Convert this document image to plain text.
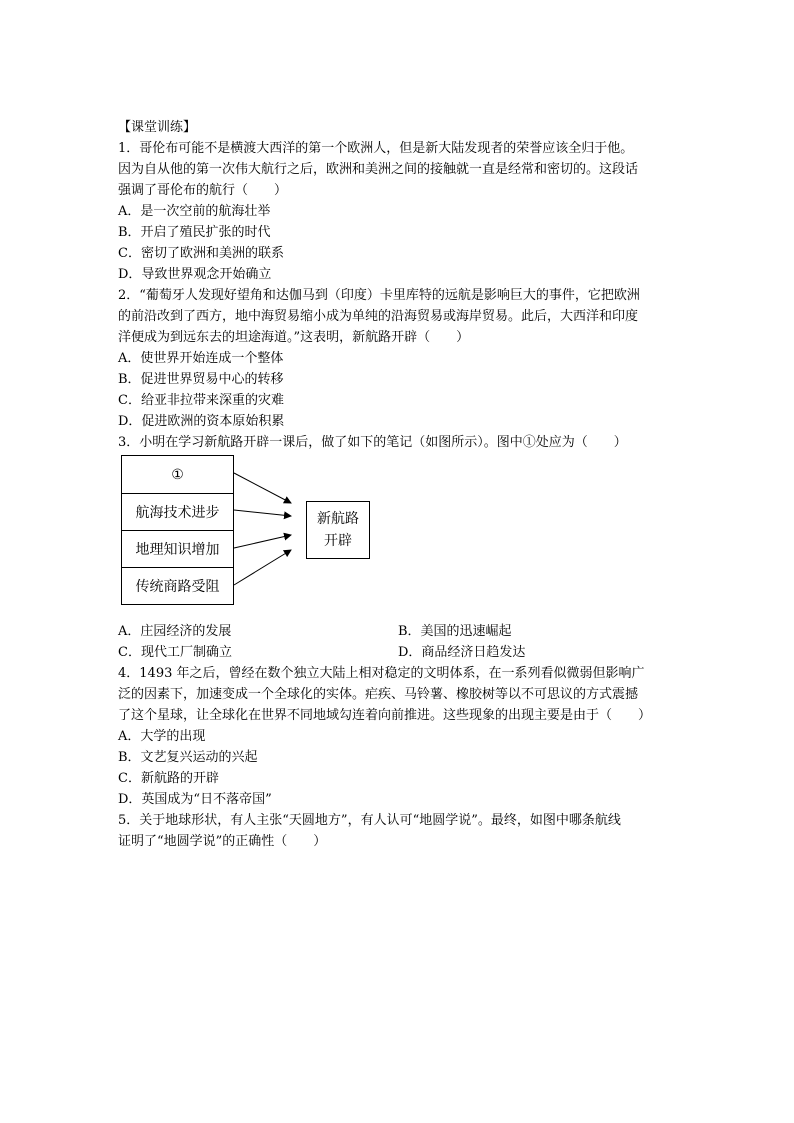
【课堂训练】
1．哥伦布可能不是横渡大西洋的第一个欧洲人，但是新大陆发现者的荣誉应该全归于他。
因为自从他的第一次伟大航行之后，欧洲和美洲之间的接触就一直是经常和密切的。这段话
强调了哥伦布的航行（　　）
A．是一次空前的航海壮举
B．开启了殖民扩张的时代
C．密切了欧洲和美洲的联系
D．导致世界观念开始确立
2．“葡萄牙人发现好望角和达伽马到（印度）卡里库特的远航是影响巨大的事件，它把欧洲
的前沿改到了西方，地中海贸易缩小成为单纯的沿海贸易或海岸贸易。此后，大西洋和印度
洋便成为到远东去的坦途海道。”这表明，新航路开辟（　　）
A．使世界开始连成一个整体
B．促进世界贸易中心的转移
C．给亚非拉带来深重的灾难
D．促进欧洲的资本原始积累
3．小明在学习新航路开辟一课后，做了如下的笔记（如图所示）。图中①处应为（　　）
①
航海技术进步
地理知识增加
传统商路受阻
新航路
开辟
A．庄园经济的发展	B．美国的迅速崛起
C．现代工厂制确立	D．商品经济日趋发达
4．1493 年之后，曾经在数个独立大陆上相对稳定的文明体系，在一系列看似微弱但影响广
泛的因素下，加速变成一个全球化的实体。疟疾、马铃薯、橡胶树等以不可思议的方式震撼
了这个星球，让全球化在世界不同地域勾连着向前推进。这些现象的出现主要是由于（　　）
A．大学的出现
B．文艺复兴运动的兴起
C．新航路的开辟
D．英国成为“日不落帝国”
5．关于地球形状，有人主张“天圆地方”，有人认可“地圆学说”。最终，如图中哪条航线
证明了“地圆学说”的正确性（　　）
